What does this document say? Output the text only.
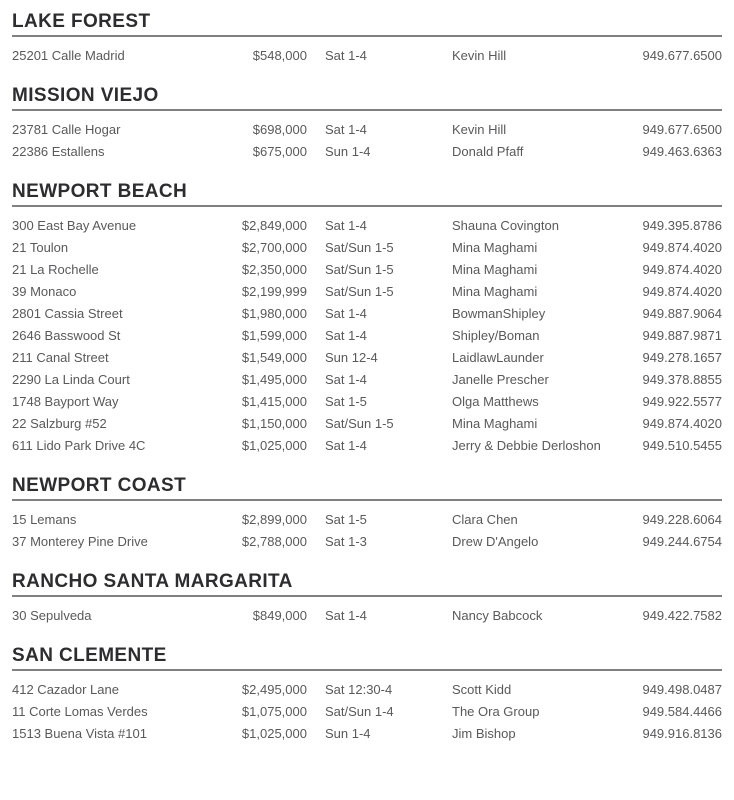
LAKE FOREST
25201 Calle Madrid	$548,000	Sat 1-4	Kevin Hill	949.677.6500
MISSION VIEJO
23781 Calle Hogar	$698,000	Sat 1-4	Kevin Hill	949.677.6500
22386 Estallens	$675,000	Sun 1-4	Donald Pfaff	949.463.6363
NEWPORT BEACH
300 East Bay Avenue	$2,849,000	Sat 1-4	Shauna Covington	949.395.8786
21 Toulon	$2,700,000	Sat/Sun 1-5	Mina Maghami	949.874.4020
21 La Rochelle	$2,350,000	Sat/Sun 1-5	Mina Maghami	949.874.4020
39 Monaco	$2,199,999	Sat/Sun 1-5	Mina Maghami	949.874.4020
2801 Cassia Street	$1,980,000	Sat 1-4	BowmanShipley	949.887.9064
2646 Basswood St	$1,599,000	Sat 1-4	Shipley/Boman	949.887.9871
211 Canal Street	$1,549,000	Sun 12-4	LaidlawLaunder	949.278.1657
2290 La Linda Court	$1,495,000	Sat 1-4	Janelle Prescher	949.378.8855
1748 Bayport Way	$1,415,000	Sat 1-5	Olga Matthews	949.922.5577
22 Salzburg #52	$1,150,000	Sat/Sun 1-5	Mina Maghami	949.874.4020
611 Lido Park Drive 4C	$1,025,000	Sat 1-4	Jerry & Debbie Derloshon	949.510.5455
NEWPORT COAST
15 Lemans	$2,899,000	Sat 1-5	Clara Chen	949.228.6064
37 Monterey Pine Drive	$2,788,000	Sat 1-3	Drew D'Angelo	949.244.6754
RANCHO SANTA MARGARITA
30 Sepulveda	$849,000	Sat 1-4	Nancy Babcock	949.422.7582
SAN CLEMENTE
412 Cazador Lane	$2,495,000	Sat 12:30-4	Scott Kidd	949.498.0487
11 Corte Lomas Verdes	$1,075,000	Sat/Sun 1-4	The Ora Group	949.584.4466
1513 Buena Vista #101	$1,025,000	Sun 1-4	Jim Bishop	949.916.8136
